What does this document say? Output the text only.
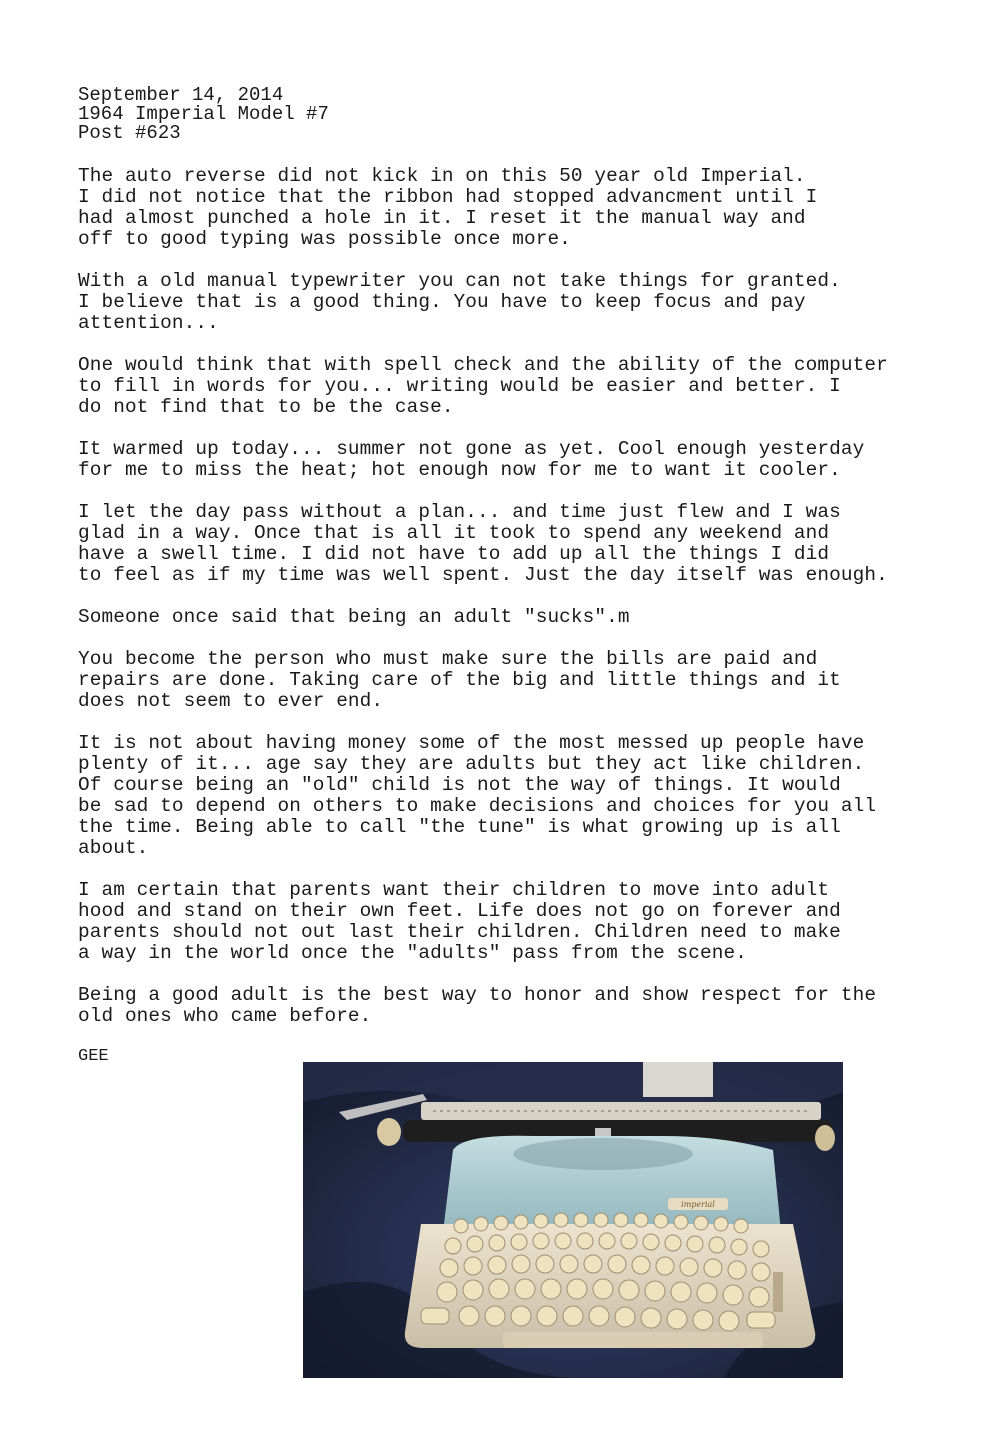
September 14, 2014
1964 Imperial Model #7
Post #623

The auto reverse did not kick in on this 50 year old Imperial.
I did not notice that the ribbon had stopped advancment until I
had almost punched a hole in it. I reset it the manual way and
off to good typing was possible once more.

With a old manual typewriter you can not take things for granted.
I believe that is a good thing. You have to keep focus and pay
attention...

One would think that with spell check and the ability of the computer
to fill in words for you... writing would be easier and better. I
do not find that to be the case.

It warmed up today... summer not gone as yet. Cool enough yesterday
for me to miss the heat; hot enough now for me to want it cooler.

I let the day pass without a plan... and time just flew and I was
glad in a way. Once that is all it took to spend any weekend and
have a swell time. I did not have to add up all the things I did
to feel as if my time was well spent. Just the day itself was enough.

Someone once said that being an adult "sucks".m

You become the person who must make sure the bills are paid and
repairs are done. Taking care of the big and little things and it
does not seem to ever end.

It is not about having money some of the most messed up people have
plenty of it... age say they are adults but they act like children.
Of course being an "old" child is not the way of things. It would
be sad to depend on others to make decisions and choices for you all
the time. Being able to call "the tune" is what growing up is all
about.

I am certain that parents want their children to move into adult
hood and stand on their own feet. Life does not go on forever and
parents should not out last their children. Children need to make
a way in the world once the "adults" pass from the scene.

Being a good adult is the best way to honor and show respect for the
old ones who came before.

GEE
imperial
